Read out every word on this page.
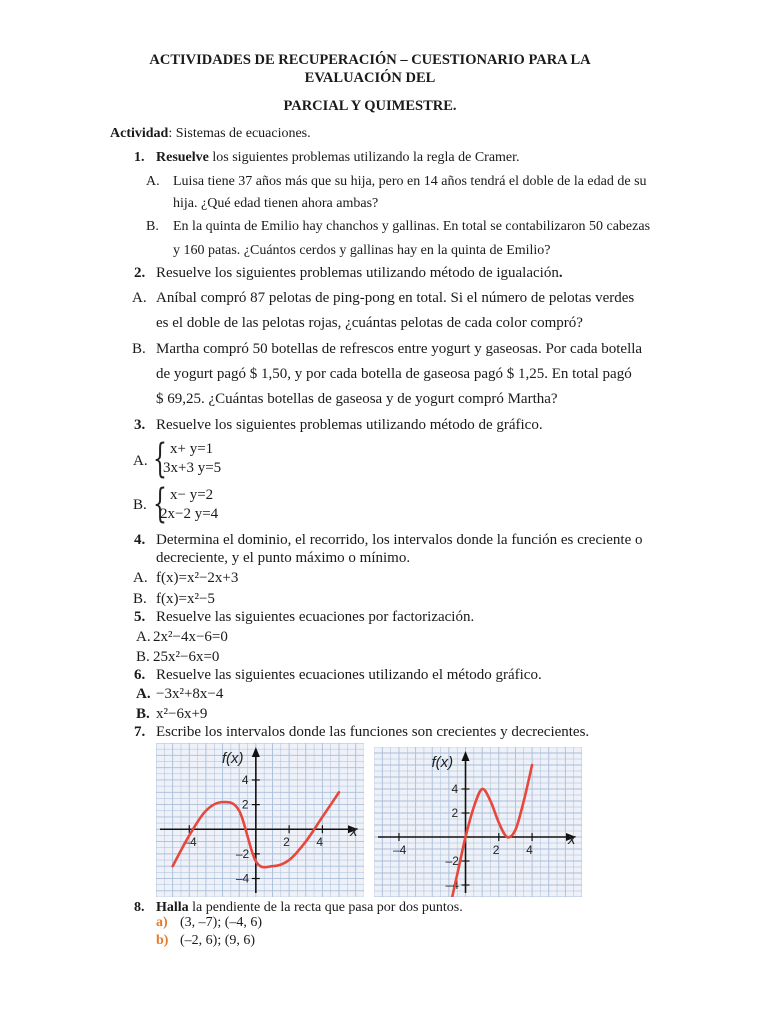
ACTIVIDADES DE RECUPERACIÓN – CUESTIONARIO PARA LA
EVALUACIÓN DEL
PARCIAL Y QUIMESTRE.
Actividad: Sistemas de ecuaciones.
1. Resuelve los siguientes problemas utilizando la regla de Cramer.
A. Luisa tiene 37 años más que su hija, pero en 14 años tendrá el doble de la edad de su
hija. ¿Qué edad tienen ahora ambas?
B. En la quinta de Emilio hay chanchos y gallinas. En total se contabilizaron 50 cabezas
y 160 patas. ¿Cuántos cerdos y gallinas hay en la quinta de Emilio?
2. Resuelve los siguientes problemas utilizando método de igualación.
A. Aníbal compró 87 pelotas de ping-pong en total. Si el número de pelotas verdes
es el doble de las pelotas rojas, ¿cuántas pelotas de cada color compró?
B. Martha compró 50 botellas de refrescos entre yogurt y gaseosas. Por cada botella
de yogurt pagó $ 1,50, y por cada botella de gaseosa pagó $ 1,25. En total pagó
$ 69,25. ¿Cuántas botellas de gaseosa y de yogurt compró Martha?
3. Resuelve los siguientes problemas utilizando método de gráfico.
A. { x+ y=1
3x+3 y=5
B. { x− y=2
2x−2 y=4
4. Determina el dominio, el recorrido, los intervalos donde la función es creciente o
decreciente, y el punto máximo o mínimo.
A. f(x)=x²−2x+3
B. f(x)=x²−5
5. Resuelve las siguientes ecuaciones por factorización.
A. 2x²−4x−6=0
B. 25x²−6x=0
6. Resuelve las siguientes ecuaciones utilizando el método gráfico.
A. −3x²+8x−4
B. x²−6x+9
7. Escribe los intervalos donde las funciones son crecientes y decrecientes.
f(x)
x
–4	2 4
4
2
–2
–4
f(x)
x
–4	2 4
4
2
–2
–4
8. Halla la pendiente de la recta que pasa por dos puntos.
a) (3, –7); (–4, 6)
b) (–2, 6); (9, 6)
